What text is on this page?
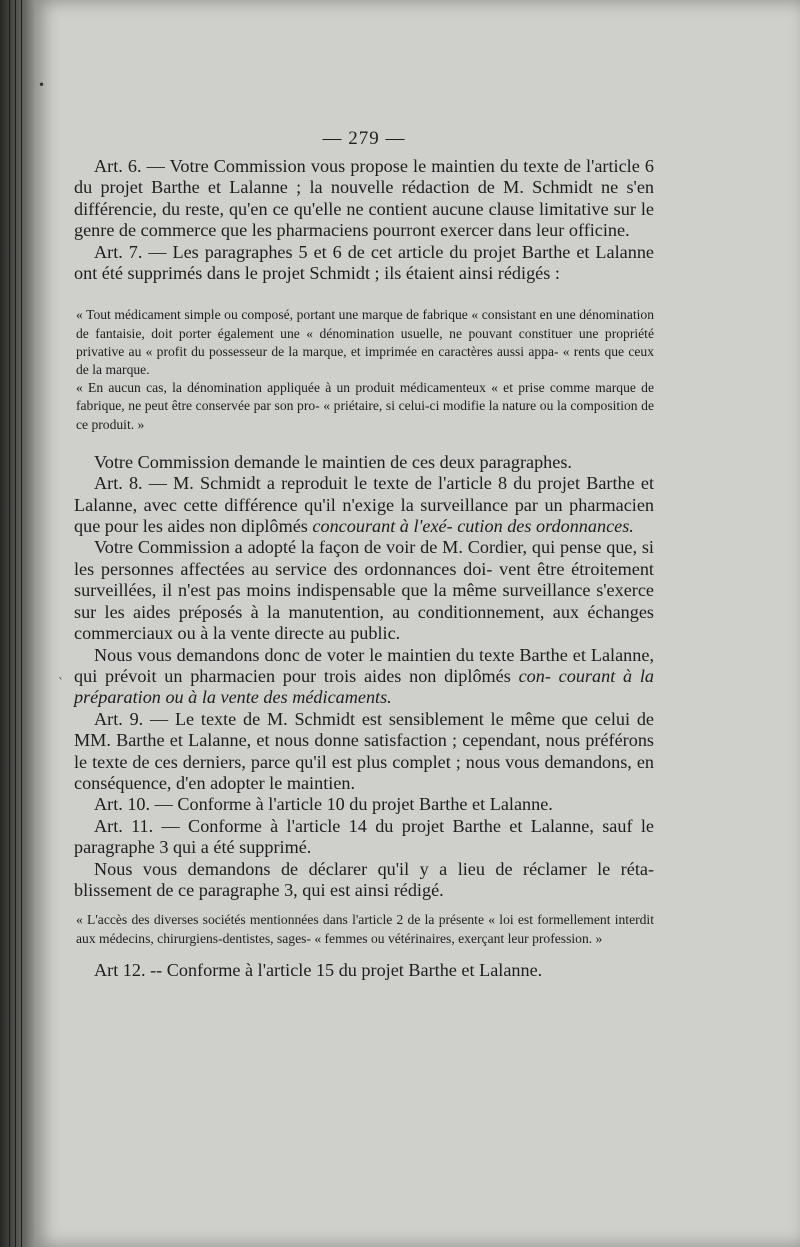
•
`
— 279 —

Art. 6. — Votre Commission vous propose le maintien du texte de l'article 6 du projet Barthe et Lalanne ; la nouvelle rédaction de M. Schmidt ne s'en différencie, du reste, qu'en ce qu'elle ne contient aucune clause limitative sur le genre de commerce que les pharmaciens pourront exercer dans leur officine.

Art. 7. — Les paragraphes 5 et 6 de cet article du projet Barthe et Lalanne ont été supprimés dans le projet Schmidt ; ils étaient ainsi rédigés :

« Tout médicament simple ou composé, portant une marque de fabrique « consistant en une dénomination de fantaisie, doit porter également une « dénomination usuelle, ne pouvant constituer une propriété privative au « profit du possesseur de la marque, et imprimée en caractères aussi appa- « rents que ceux de la marque.

« En aucun cas, la dénomination appliquée à un produit médicamenteux « et prise comme marque de fabrique, ne peut être conservée par son pro- « priétaire, si celui-ci modifie la nature ou la composition de ce produit. »

Votre Commission demande le maintien de ces deux paragraphes.

Art. 8. — M. Schmidt a reproduit le texte de l'article 8 du projet Barthe et Lalanne, avec cette différence qu'il n'exige la surveillance par un pharmacien que pour les aides non diplômés concourant à l'exé- cution des ordonnances.

Votre Commission a adopté la façon de voir de M. Cordier, qui pense que, si les personnes affectées au service des ordonnances doi- vent être étroitement surveillées, il n'est pas moins indispensable que la même surveillance s'exerce sur les aides préposés à la manutention, au conditionnement, aux échanges commerciaux ou à la vente directe au public.

Nous vous demandons donc de voter le maintien du texte Barthe et Lalanne, qui prévoit un pharmacien pour trois aides non diplômés con- courant à la préparation ou à la vente des médicaments.

Art. 9. — Le texte de M. Schmidt est sensiblement le même que celui de MM. Barthe et Lalanne, et nous donne satisfaction ; cependant, nous préférons le texte de ces derniers, parce qu'il est plus complet ; nous vous demandons, en conséquence, d'en adopter le maintien.

Art. 10. — Conforme à l'article 10 du projet Barthe et Lalanne.

Art. 11. — Conforme à l'article 14 du projet Barthe et Lalanne, sauf le paragraphe 3 qui a été supprimé.

Nous vous demandons de déclarer qu'il y a lieu de réclamer le réta- blissement de ce paragraphe 3, qui est ainsi rédigé.

« L'accès des diverses sociétés mentionnées dans l'article 2 de la présente « loi est formellement interdit aux médecins, chirurgiens-dentistes, sages- « femmes ou vétérinaires, exerçant leur profession. »

Art 12. -- Conforme à l'article 15 du projet Barthe et Lalanne.
